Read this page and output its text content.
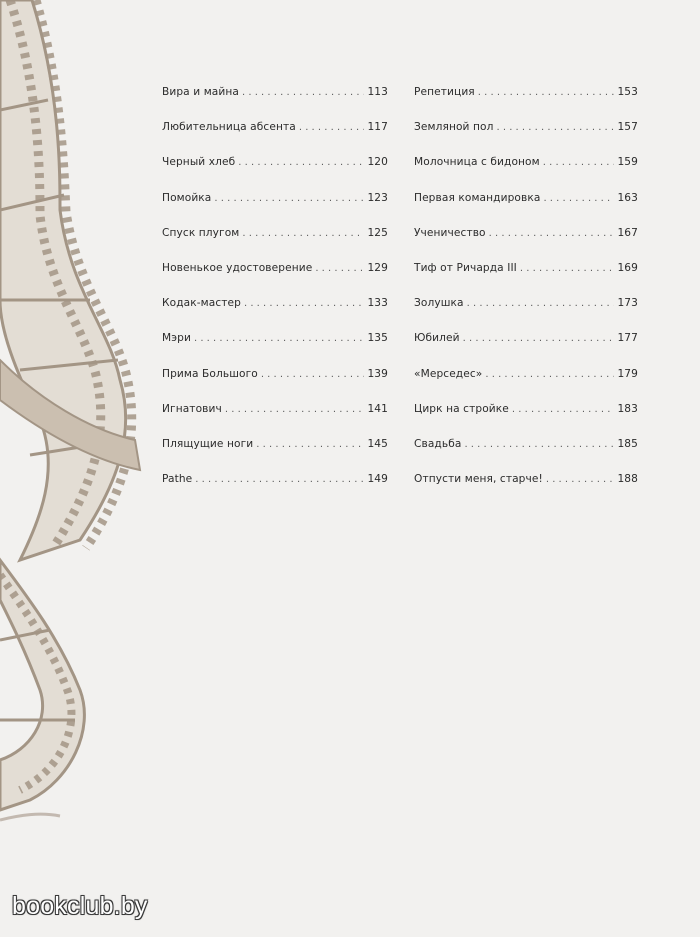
Вира и майна . . .	113
Любительница абсента . . .	117
Черный хлеб . . .	120
Помойка . . .	123
Спуск плугом . . .	125
Новенькое удостоверение . . .	129
Кодак-мастер . . .	133
Мэри . . .	135
Прима Большого . . .	139
Игнатович . . .	141
Плящущие ноги . . .	145
Pathe . . .	149
Репетиция . . .	153
Земляной пол . . .	157
Молочница с бидоном . . .	159
Первая командировка . . .	163
Ученичество . . .	167
Тиф от Ричарда III . . .	169
Золушка . . .	173
Юбилей . . .	177
«Мерседес» . . .	179
Цирк на стройке . . .	183
Свадьба . . .	185
Отпусти меня, старче! . . .	188
bookclub.by
